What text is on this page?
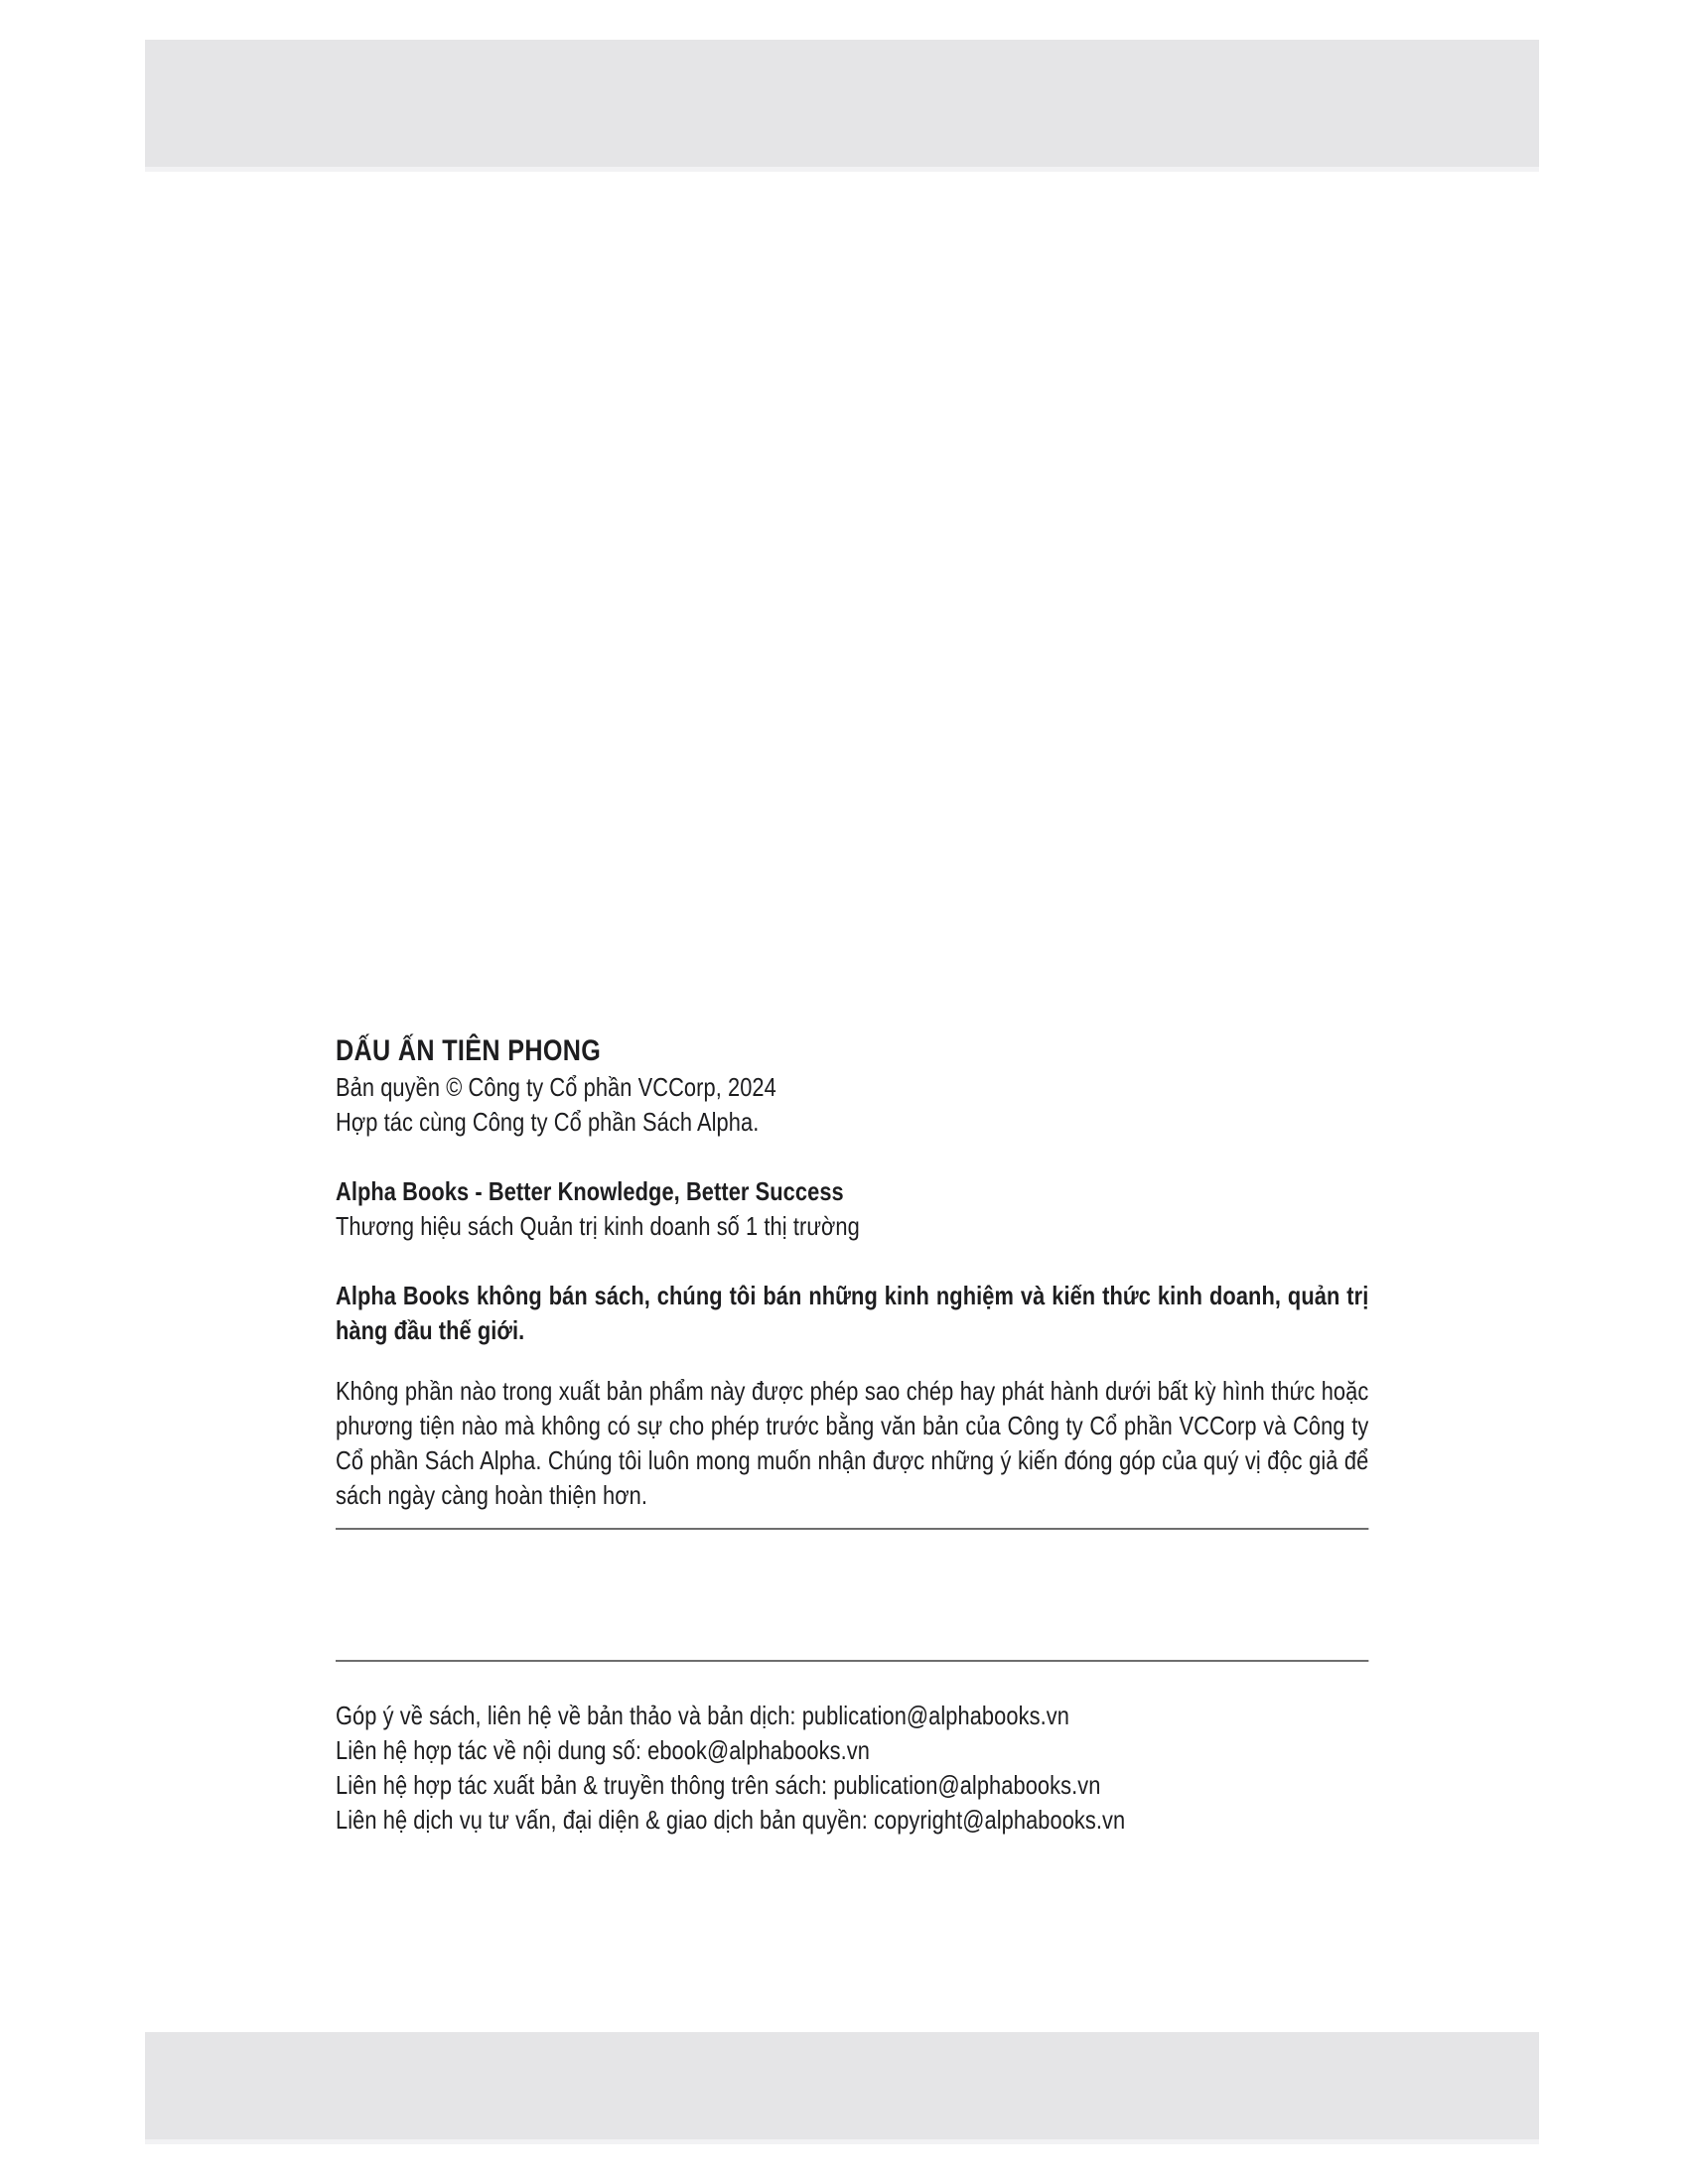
DẤU ẤN TIÊN PHONG

Bản quyền © Công ty Cổ phần VCCorp, 2024

Hợp tác cùng Công ty Cổ phần Sách Alpha.

Alpha Books - Better Knowledge, Better Success

Thương hiệu sách Quản trị kinh doanh số 1 thị trường

Alpha Books không bán sách, chúng tôi bán những kinh nghiệm và kiến thức kinh doanh, quản trị hàng đầu thế giới.

Không phần nào trong xuất bản phẩm này được phép sao chép hay phát hành dưới bất kỳ hình thức hoặc phương tiện nào mà không có sự cho phép trước bằng văn bản của Công ty Cổ phần VCCorp và Công ty Cổ phần Sách Alpha. Chúng tôi luôn mong muốn nhận được những ý kiến đóng góp của quý vị độc giả để sách ngày càng hoàn thiện hơn.

Góp ý về sách, liên hệ về bản thảo và bản dịch: publication@alphabooks.vn

Liên hệ hợp tác về nội dung số: ebook@alphabooks.vn

Liên hệ hợp tác xuất bản & truyền thông trên sách: publication@alphabooks.vn

Liên hệ dịch vụ tư vấn, đại diện & giao dịch bản quyền: copyright@alphabooks.vn
